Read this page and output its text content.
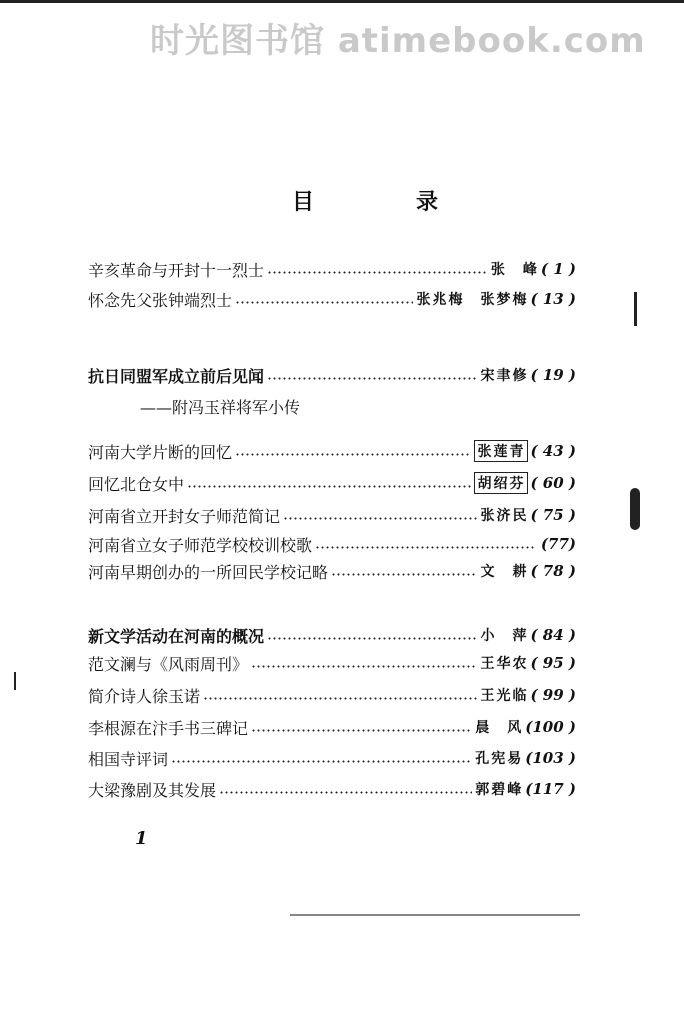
时光图书馆 atimebook.com
目　录
辛亥革命与开封十一烈士	张　峰 ( 1 )
怀念先父张钟端烈士	张兆梅　张梦梅 ( 13 )
抗日同盟军成立前后见闻	宋聿修 ( 19 )
——附冯玉祥将军小传
河南大学片断的回忆	张莲青 ( 43 )
回忆北仓女中	胡绍芬 ( 60 )
河南省立开封女子师范简记	张济民 ( 75 )
河南省立女子师范学校校训校歌	(77)
河南早期创办的一所回民学校记略	文　耕 ( 78 )
新文学活动在河南的概况	小　萍 ( 84 )
范文澜与《风雨周刊》	王华农 ( 95 )
简介诗人徐玉诺	王光临 ( 99 )
李根源在汴手书三碑记	晨　风 (100 )
相国寺评词	孔宪易 (103 )
大梁豫剧及其发展	郭碧峰 (117 )
1
